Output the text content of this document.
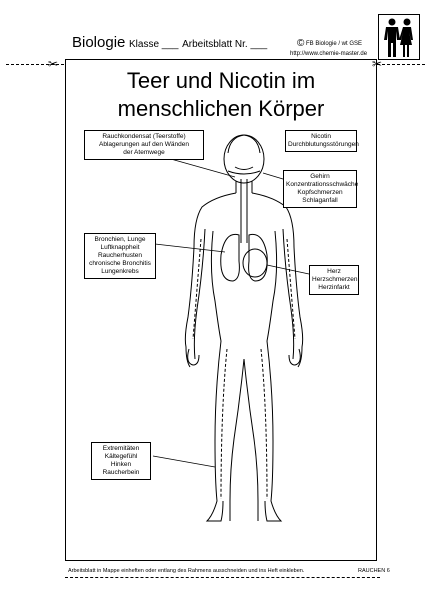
Biologie Klasse ___ Arbeitsblatt Nr. ___	© FB Biologie / wt GSE
http://www.chemie-master.de
✂	✂
Teer und Nicotin im
menschlichen Körper
Rauchkondensat (Teerstoffe)
Ablagerungen auf den Wänden
der Atemwege
Nicotin
Durchblutungsstörungen
Gehirn
Konzentrationsschwäche
Kopfschmerzen
Schlaganfall
Bronchien, Lunge
Luftknappheit
Raucherhusten
chronische Bronchitis
Lungenkrebs	Herz
Herzschmerzen
Herzinfarkt
Extremitäten
Kältegefühl
Hinken
Raucherbein
Arbeitsblatt in Mappe einheften oder entlang des Rahmens ausschneiden und ins Heft einkleben.	RAUCHEN 6
